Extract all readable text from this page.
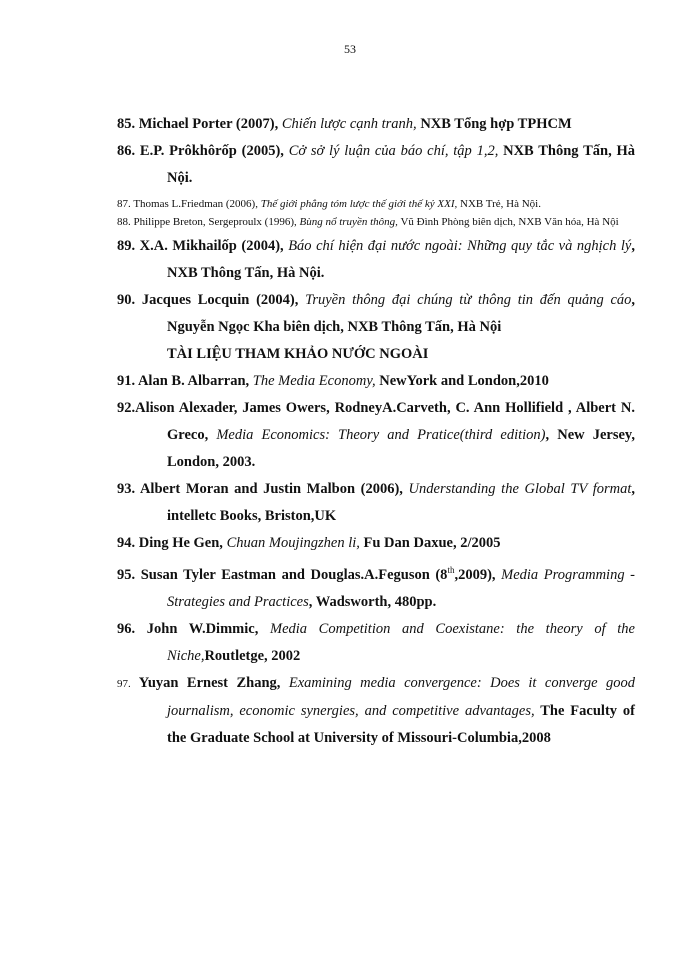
53
85. Michael Porter (2007), Chiến lược cạnh tranh, NXB Tổng hợp TPHCM
86. E.P. Prôkhôrốp (2005), Cở sở lý luận của báo chí, tập 1,2, NXB Thông Tấn, Hà Nội.
87. Thomas L.Friedman (2006), Thế giới phẳng tóm lược thế giới thế kỷ XXI, NXB Trẻ, Hà Nội.
88. Philippe Breton, Sergeproulx (1996), Bùng nổ truyền thông, Vũ Đình Phòng biên dịch, NXB Văn hóa, Hà Nội
89. X.A. Mikhailốp (2004), Báo chí hiện đại nước ngoài: Những quy tắc và nghịch lý, NXB Thông Tấn, Hà Nội.
90. Jacques Locquin (2004), Truyền thông đại chúng từ thông tin đến quảng cáo, Nguyễn Ngọc Kha biên dịch, NXB Thông Tấn, Hà Nội
TÀI LIỆU THAM KHẢO NƯỚC NGOÀI
91. Alan B. Albarran, The Media Economy, NewYork and London,2010
92.Alison Alexader, James Owers, RodneyA.Carveth, C. Ann Hollifield , Albert N. Greco, Media Economics: Theory and Pratice(third edition), New Jersey, London, 2003.
93. Albert Moran and Justin Malbon (2006), Understanding the Global TV format, intelletc Books, Briston,UK
94. Ding He Gen, Chuan Moujingzhen li, Fu Dan Daxue, 2/2005
95. Susan Tyler Eastman and Douglas.A.Feguson (8th,2009), Media Programming - Strategies and Practices, Wadsworth, 480pp.
96. John W.Dimmic, Media Competition and Coexistane: the theory of the Niche,Routletge, 2002
97. Yuyan Ernest Zhang, Examining media convergence: Does it converge good journalism, economic synergies, and competitive advantages, The Faculty of the Graduate School at University of Missouri-Columbia,2008
